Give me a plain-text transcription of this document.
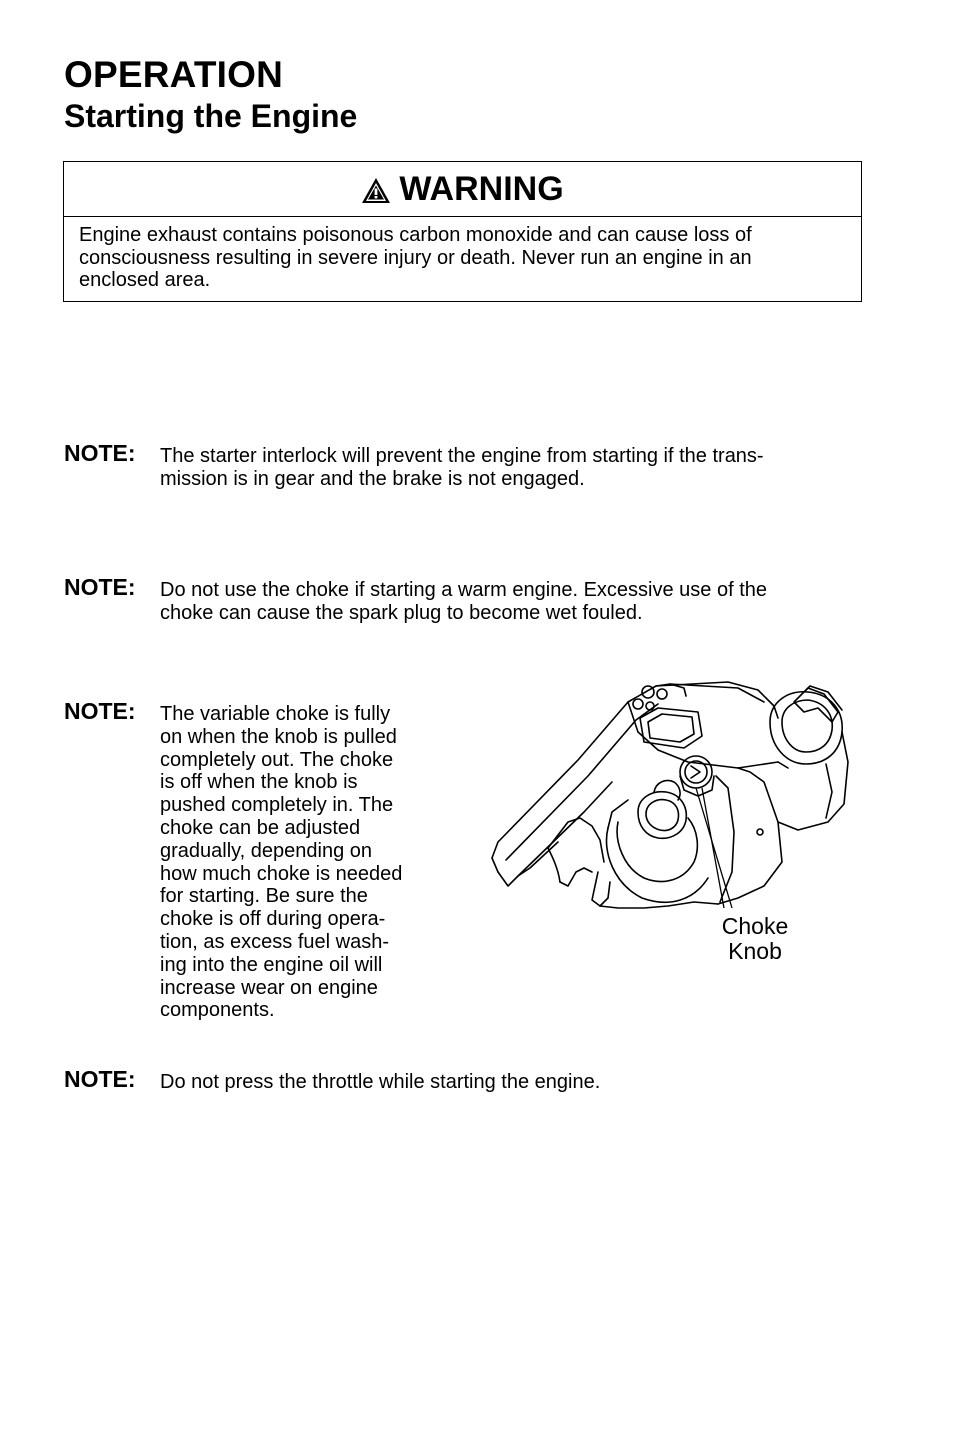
OPERATION
Starting the Engine
WARNING
Engine exhaust contains poisonous carbon monoxide and can cause loss of
consciousness resulting in severe injury or death. Never run an engine in an
enclosed area.
NOTE: The starter interlock will prevent the engine from starting if the trans-
mission is in gear and the brake is not engaged.
NOTE: Do not use the choke if starting a warm engine. Excessive use of the
choke can cause the spark plug to become wet fouled.
NOTE: The variable choke is fully
on when the knob is pulled
completely out. The choke
is off when the knob is
pushed completely in. The
choke can be adjusted
gradually, depending on
how much choke is needed
for starting. Be sure the
choke is off during opera-
tion, as excess fuel wash-
ing into the engine oil will
increase wear on engine
components.
NOTE: Do not press the throttle while starting the engine.
Choke
Knob
